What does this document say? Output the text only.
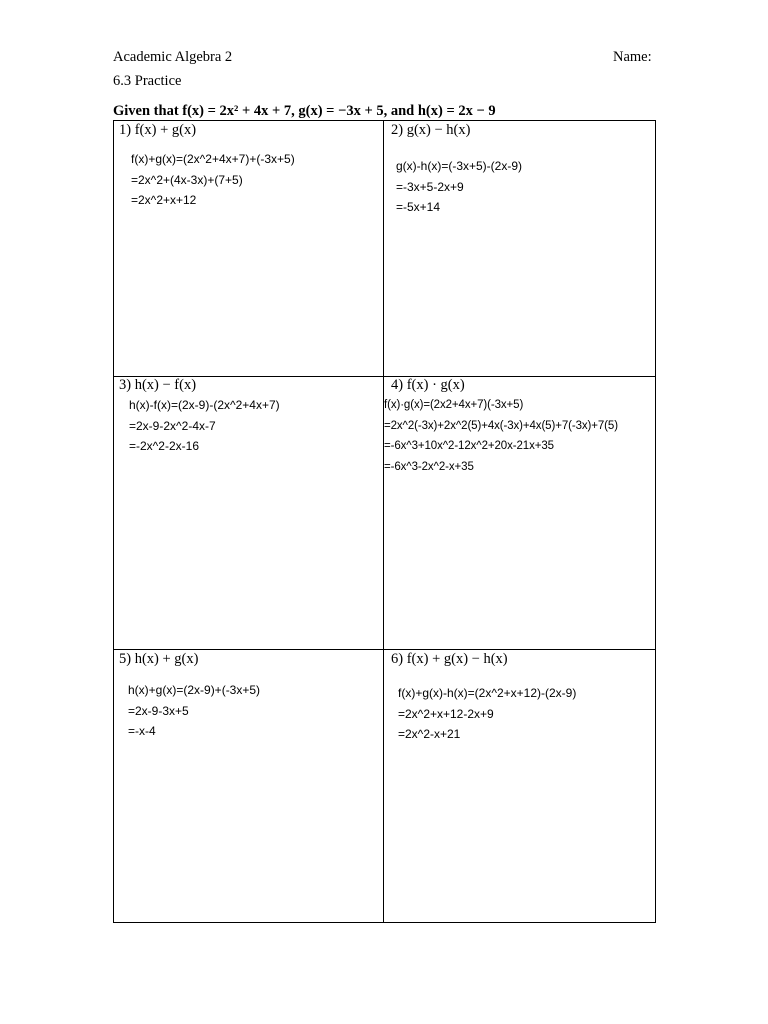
Academic Algebra 2	Name:
6.3 Practice
Given that f(x) = 2x² + 4x + 7, g(x) = −3x + 5, and h(x) = 2x − 9
1) f(x) + g(x)
f(x)+g(x)=(2x^2+4x+7)+(-3x+5)
=2x^2+(4x-3x)+(7+5)
=2x^2+x+12
2) g(x) − h(x)
g(x)-h(x)=(-3x+5)-(2x-9)
=-3x+5-2x+9
=-5x+14
3) h(x) − f(x)
h(x)-f(x)=(2x-9)-(2x^2+4x+7)
=2x-9-2x^2-4x-7
=-2x^2-2x-16
4) f(x) · g(x)
f(x)·g(x)=(2x2+4x+7)(-3x+5)
=2x^2(-3x)+2x^2(5)+4x(-3x)+4x(5)+7(-3x)+7(5)
=-6x^3+10x^2-12x^2+20x-21x+35
=-6x^3-2x^2-x+35
5) h(x) + g(x)
h(x)+g(x)=(2x-9)+(-3x+5)
=2x-9-3x+5
=-x-4
6) f(x) + g(x) − h(x)
f(x)+g(x)-h(x)=(2x^2+x+12)-(2x-9)
=2x^2+x+12-2x+9
=2x^2-x+21
